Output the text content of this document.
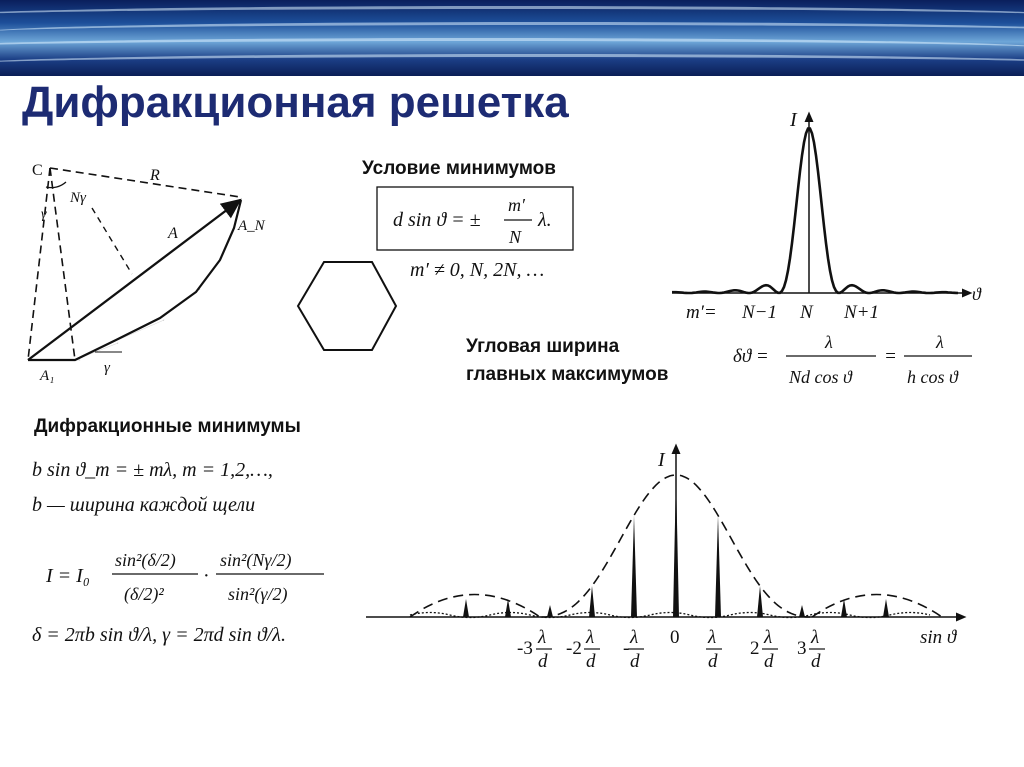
Дифракционная решетка
Условие минимумов
Угловая ширина
главных максимумов
Дифракционные минимумы
C
Nγ
R
A	A_N
A₁	γ
γ	d sin ϑ = ±
m′
N
λ.
m′ ≠ 0, N, 2N, …
I
ϑ
m′= N−1 N N+1
δϑ =
λ
Nd cos ϑ
=
λ
h cos ϑ
b sin ϑ_m = ± mλ, m = 1,2,…,
b — ширина каждой щели
I = I₀
sin²(δ/2)
(δ/2)²
·
sin²(Nγ/2)
sin²(γ/2)
δ = 2πb sin ϑ/λ, γ = 2πd sin ϑ/λ.
I
sin ϑ
-3
λ d
-2
λ d
-
λ d
0 λ d
2
λ d
3
λ d
